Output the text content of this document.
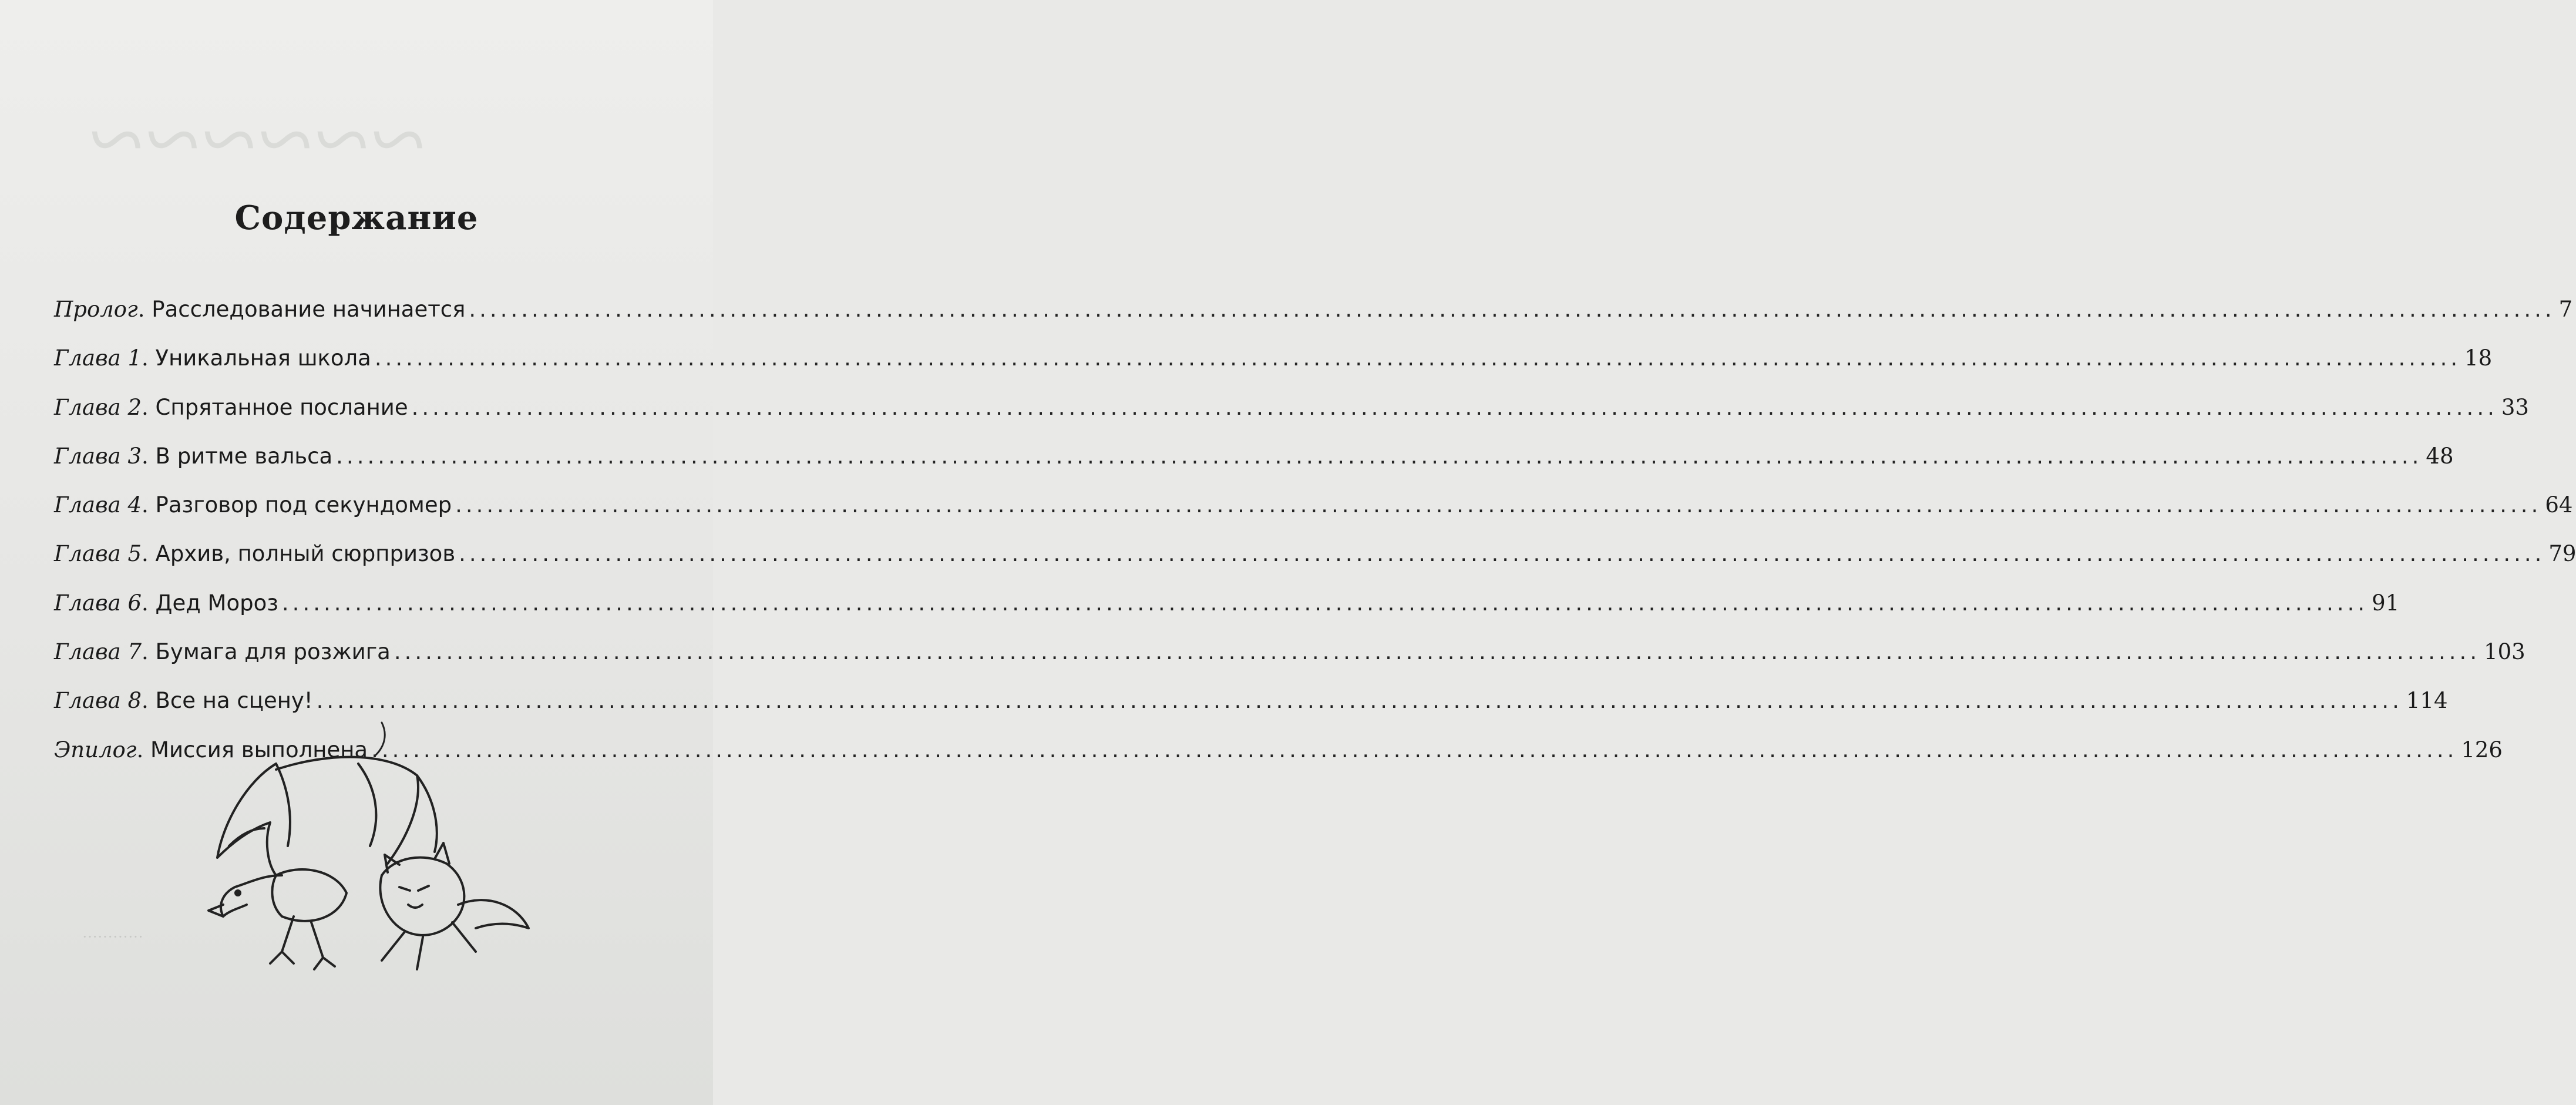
~~~~~~
············
Содержание
Пролог . Расследование начинается ........................................................................................................................................................................................................ 7
Глава 1 . Уникальная школа ........................................................................................................................................................................................................ 18
Глава 2 . Спрятанное послание ........................................................................................................................................................................................................ 33
Глава 3 . В ритме вальса ........................................................................................................................................................................................................ 48
Глава 4 . Разговор под секундомер ........................................................................................................................................................................................................ 64
Глава 5 . Архив, полный сюрпризов ........................................................................................................................................................................................................ 79
Глава 6 . Дед Мороз ........................................................................................................................................................................................................ 91
Глава 7 . Бумага для розжига ........................................................................................................................................................................................................ 103
Глава 8 . Все на сцену! ........................................................................................................................................................................................................ 114
Эпилог . Миссия выполнена ........................................................................................................................................................................................................ 126
